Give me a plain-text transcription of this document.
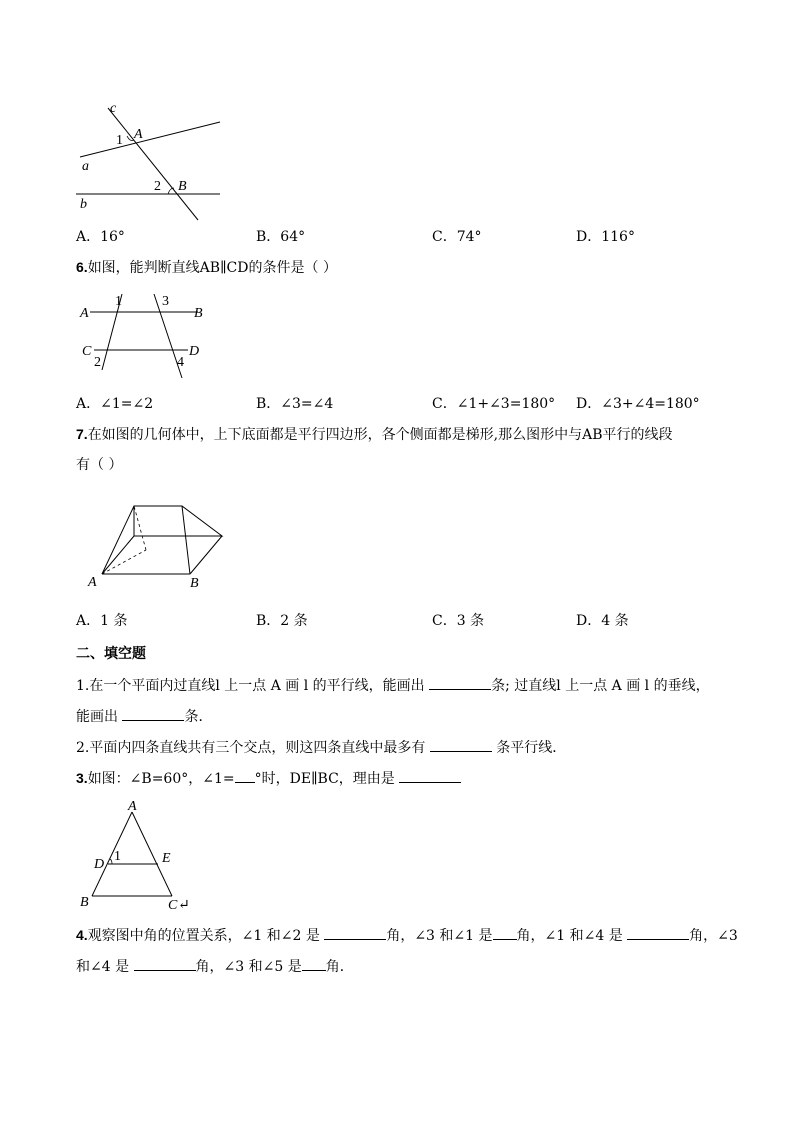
c
a
b
A
B
1
2
A．16°	B．64°	C．74°	D．116°
6.如图，能判断直线AB∥CD的条件是（ ）
A	B
C	D
1	3
2	4
A．∠1=∠2	B．∠3=∠4	C．∠1+∠3=180° D．∠3+∠4=180°
7.在如图的几何体中，上下底面都是平行四边形，各个侧面都是梯形,那么图形中与AB平行的线段
有（ ）
A	B
A．1 条	B．2 条	C．3 条	D．4 条
二、填空题
1.在一个平面内过直线l 上一点 A 画 l 的平行线，能画出	条; 过直线l 上一点 A 画 l 的垂线，
能画出	条．
2.平面内四条直线共有三个交点，则这四条直线中最多有	条平行线．
3.如图：∠B=60°，∠1= °时，DE∥BC，理由是
A
B	C ↵
D	E
1
4.观察图中角的位置关系，∠1 和∠2 是	角，∠3 和∠1 是 角，∠1 和∠4 是	角，∠3
和∠4 是	角，∠3 和∠5 是 角．
